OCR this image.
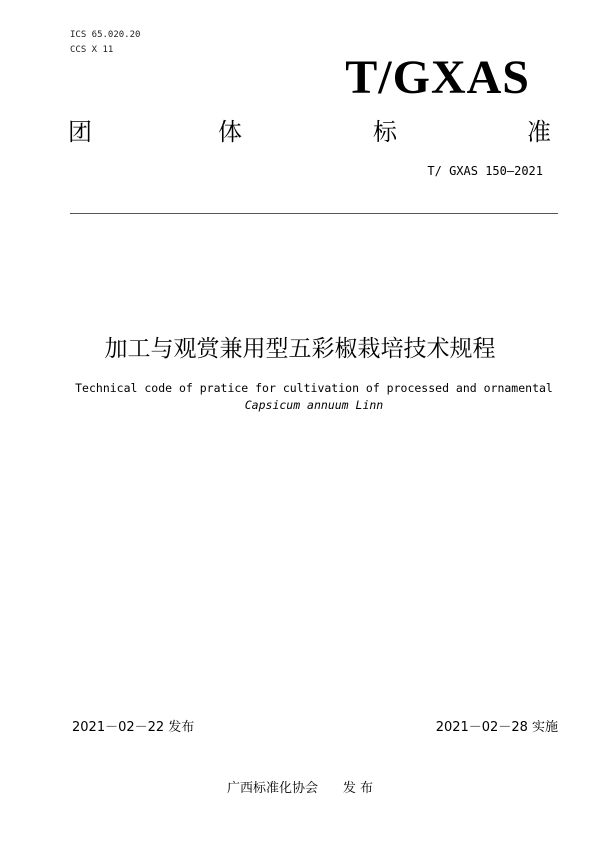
ICS 65.020.20
CCS X 11
T/GXAS
团	体	标	准
T/ GXAS 150—2021
加工与观赏兼用型五彩椒栽培技术规程
Technical code of pratice for cultivation of processed and ornamental
Capsicum annuum Linn
2021－02－22 发布	2021－02－28 实施
广西标准化协会      发 布
